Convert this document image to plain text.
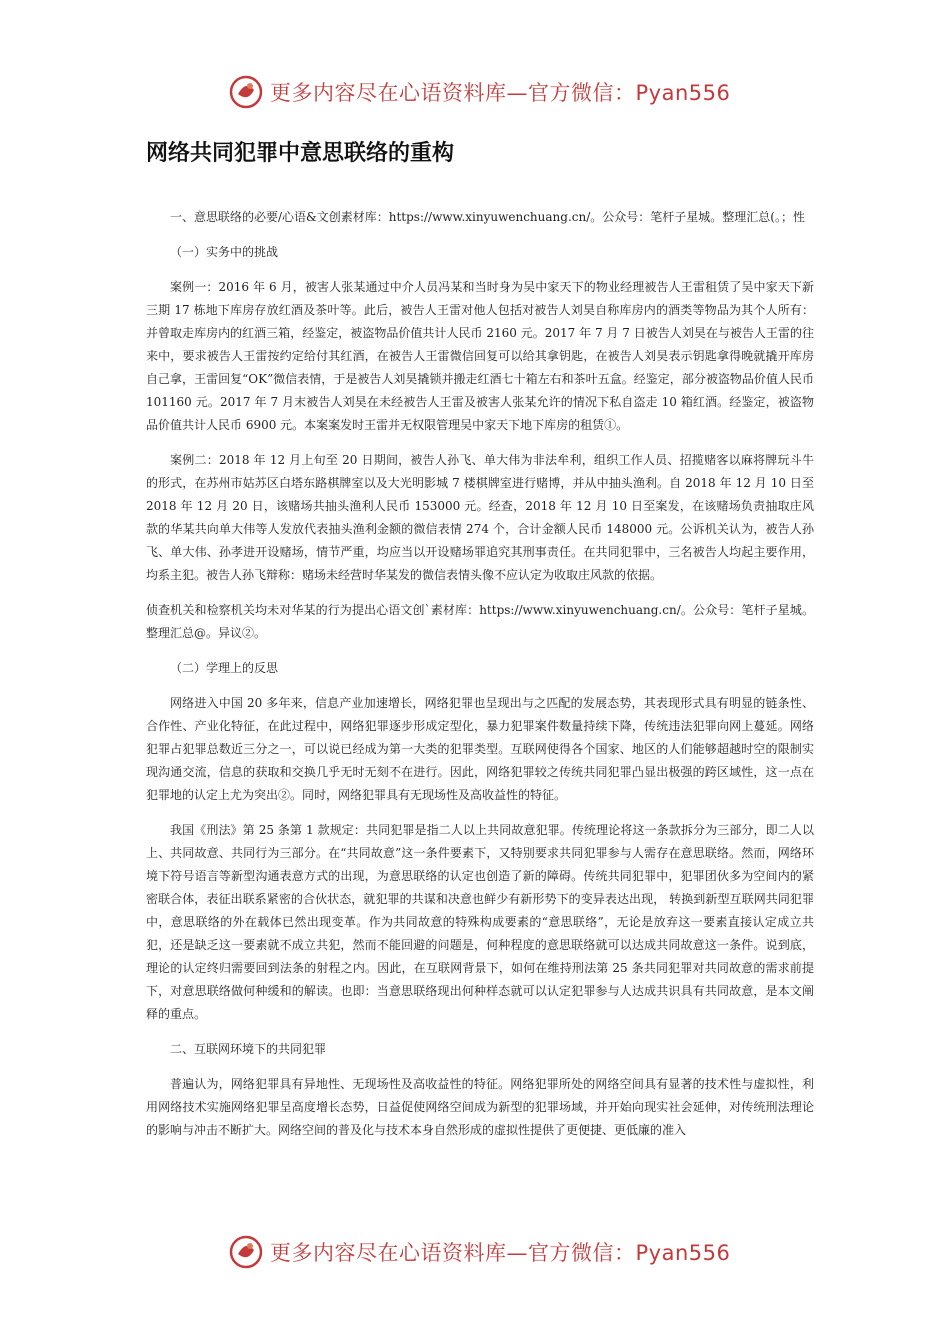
更多内容尽在心语资料库—官方微信：Pyan556
网络共同犯罪中意思联络的重构

一、意思联络的必要/心语&文创素材库：https://www.xinyuwenchuang.cn/。公众号：笔杆子星城。整理汇总(。；性

（一）实务中的挑战

案例一：2016 年 6 月，被害人张某通过中介人员冯某和当时身为吴中家天下的物业经理被告人王雷租赁了吴中家天下新三期 17 栋地下库房存放红酒及茶叶等。此后，被告人王雷对他人包括对被告人刘昊自称库房内的酒类等物品为其个人所有：并曾取走库房内的红酒三箱，经鉴定，被盗物品价值共计人民币 2160 元。2017 年 7 月 7 日被告人刘昊在与被告人王雷的往来中，要求被告人王雷按约定给付其红酒，在被告人王雷微信回复可以给其拿钥匙，在被告人刘昊表示钥匙拿得晚就撬开库房自己拿，王雷回复“OK”微信表情，于是被告人刘昊撬锁并搬走红酒七十箱左右和茶叶五盒。经鉴定，部分被盗物品价值人民币 101160 元。2017 年 7 月末被告人刘昊在未经被告人王雷及被害人张某允许的情况下私自盗走 10 箱红酒。经鉴定，被盗物品价值共计人民币 6900 元。本案案发时王雷并无权限管理吴中家天下地下库房的租赁①。

案例二：2018 年 12 月上旬至 20 日期间，被告人孙飞、单大伟为非法牟利，组织工作人员、招揽赌客以麻将牌玩斗牛的形式，在苏州市姑苏区白塔东路棋牌室以及大光明影城 7 楼棋牌室进行赌博，并从中抽头渔利。自 2018 年 12 月 10 日至 2018 年 12 月 20 日，该赌场共抽头渔利人民币 153000 元。经查，2018 年 12 月 10 日至案发，在该赌场负责抽取庄风款的华某共向单大伟等人发放代表抽头渔利金额的微信表情 274 个，合计金额人民币 148000 元。公诉机关认为，被告人孙飞、单大伟、孙孝进开设赌场，情节严重，均应当以开设赌场罪追究其刑事责任。在共同犯罪中，三名被告人均起主要作用，均系主犯。被告人孙飞辩称：赌场未经营时华某发的微信表情头像不应认定为收取庄风款的依据。

侦查机关和检察机关均未对华某的行为提出心语文创`素材库：https://www.xinyuwenchuang.cn/。公众号：笔杆子星城。整理汇总@。异议②。

（二）学理上的反思

网络进入中国 20 多年来，信息产业加速增长，网络犯罪也呈现出与之匹配的发展态势，其表现形式具有明显的链条性、合作性、产业化特征，在此过程中，网络犯罪逐步形成定型化，暴力犯罪案件数量持续下降，传统违法犯罪向网上蔓延。网络犯罪占犯罪总数近三分之一，可以说已经成为第一大类的犯罪类型。互联网使得各个国家、地区的人们能够超越时空的限制实现沟通交流，信息的获取和交换几乎无时无刻不在进行。因此，网络犯罪较之传统共同犯罪凸显出极强的跨区域性，这一点在犯罪地的认定上尤为突出②。同时，网络犯罪具有无现场性及高收益性的特征。

我国《刑法》第 25 条第 1 款规定：共同犯罪是指二人以上共同故意犯罪。传统理论将这一条款拆分为三部分，即二人以上、共同故意、共同行为三部分。在“共同故意”这一条件要素下，又特别要求共同犯罪参与人需存在意思联络。然而，网络环境下符号语言等新型沟通表意方式的出现，为意思联络的认定也创造了新的障碍。传统共同犯罪中，犯罪团伙多为空间内的紧密联合体，表征出联系紧密的合伙状态，就犯罪的共谋和决意也鲜少有新形势下的变异表达出现， 转换到新型互联网共同犯罪中，意思联络的外在载体已然出现变革。作为共同故意的特殊构成要素的“意思联络”，无论是放弃这一要素直接认定成立共犯，还是缺乏这一要素就不成立共犯，然而不能回避的问题是，何种程度的意思联络就可以达成共同故意这一条件。说到底，理论的认定终归需要回到法条的射程之内。因此，在互联网背景下，如何在维持刑法第 25 条共同犯罪对共同故意的需求前提下，对意思联络做何种缓和的解读。也即：当意思联络现出何种样态就可以认定犯罪参与人达成共识具有共同故意，是本文阐释的重点。

二、互联网环境下的共同犯罪

普遍认为，网络犯罪具有异地性、无现场性及高收益性的特征。网络犯罪所处的网络空间具有显著的技术性与虚拟性，利用网络技术实施网络犯罪呈高度增长态势，日益促使网络空间成为新型的犯罪场域，并开始向现实社会延伸，对传统刑法理论的影响与冲击不断扩大。网络空间的普及化与技术本身自然形成的虚拟性提供了更便捷、更低廉的准入

更多内容尽在心语资料库—官方微信：Pyan556
